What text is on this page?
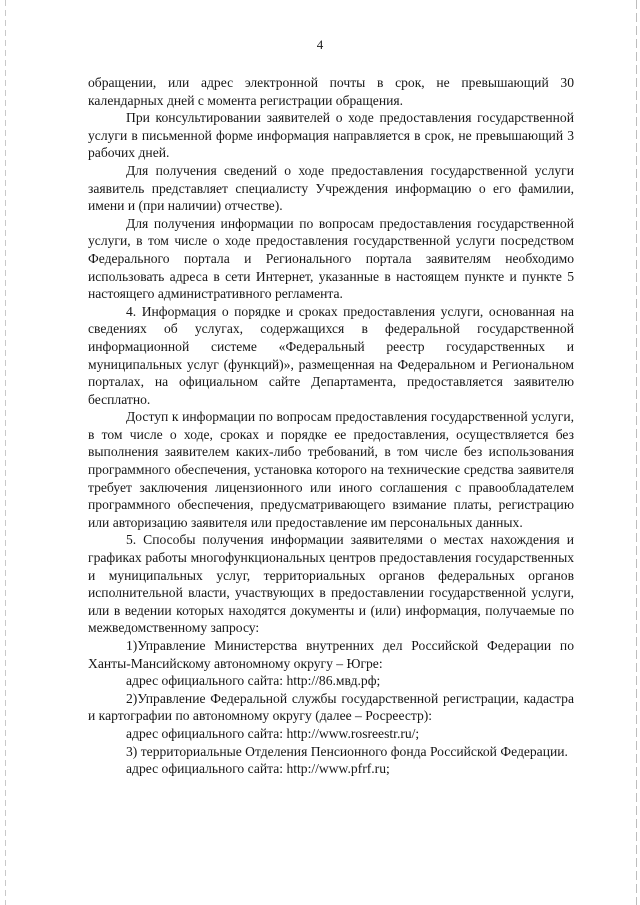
4

обращении, или адрес электронной почты в срок, не превышающий 30 календарных дней с момента регистрации обращения.

При консультировании заявителей о ходе предоставления государственной услуги в письменной форме информация направляется в срок, не превышающий 3 рабочих дней.

Для получения сведений о ходе предоставления государственной услуги заявитель представляет специалисту Учреждения информацию о его фамилии, имени и (при наличии) отчестве).

Для получения информации по вопросам предоставления государственной услуги, в том числе о ходе предоставления государственной услуги посредством Федерального портала и Регионального портала заявителям необходимо использовать адреса в сети Интернет, указанные в настоящем пункте и пункте 5 настоящего административного регламента.

4. Информация о порядке и сроках предоставления услуги, основанная на сведениях об услугах, содержащихся в федеральной государственной информационной системе «Федеральный реестр государственных и муниципальных услуг (функций)», размещенная на Федеральном и Региональном порталах, на официальном сайте Департамента, предоставляется заявителю бесплатно.

Доступ к информации по вопросам предоставления государственной услуги, в том числе о ходе, сроках и порядке ее предоставления, осуществляется без выполнения заявителем каких-либо требований, в том числе без использования программного обеспечения, установка которого на технические средства заявителя требует заключения лицензионного или иного соглашения с правообладателем программного обеспечения, предусматривающего взимание платы, регистрацию или авторизацию заявителя или предоставление им персональных данных.

5. Способы получения информации заявителями о местах нахождения и графиках работы многофункциональных центров предоставления государственных и муниципальных услуг, территориальных органов федеральных органов исполнительной власти, участвующих в предоставлении государственной услуги, или в ведении которых находятся документы и (или) информация, получаемые по межведомственному запросу:

1)Управление Министерства внутренних дел Российской Федерации по Ханты-Мансийскому автономному округу – Югре:

адрес официального сайта: http://86.мвд.рф;

2)Управление Федеральной службы государственной регистрации, кадастра и картографии по автономному округу (далее – Росреестр):

адрес официального сайта: http://www.rosreestr.ru/;

3) территориальные Отделения Пенсионного фонда Российской Федерации.

адрес официального сайта: http://www.pfrf.ru;
